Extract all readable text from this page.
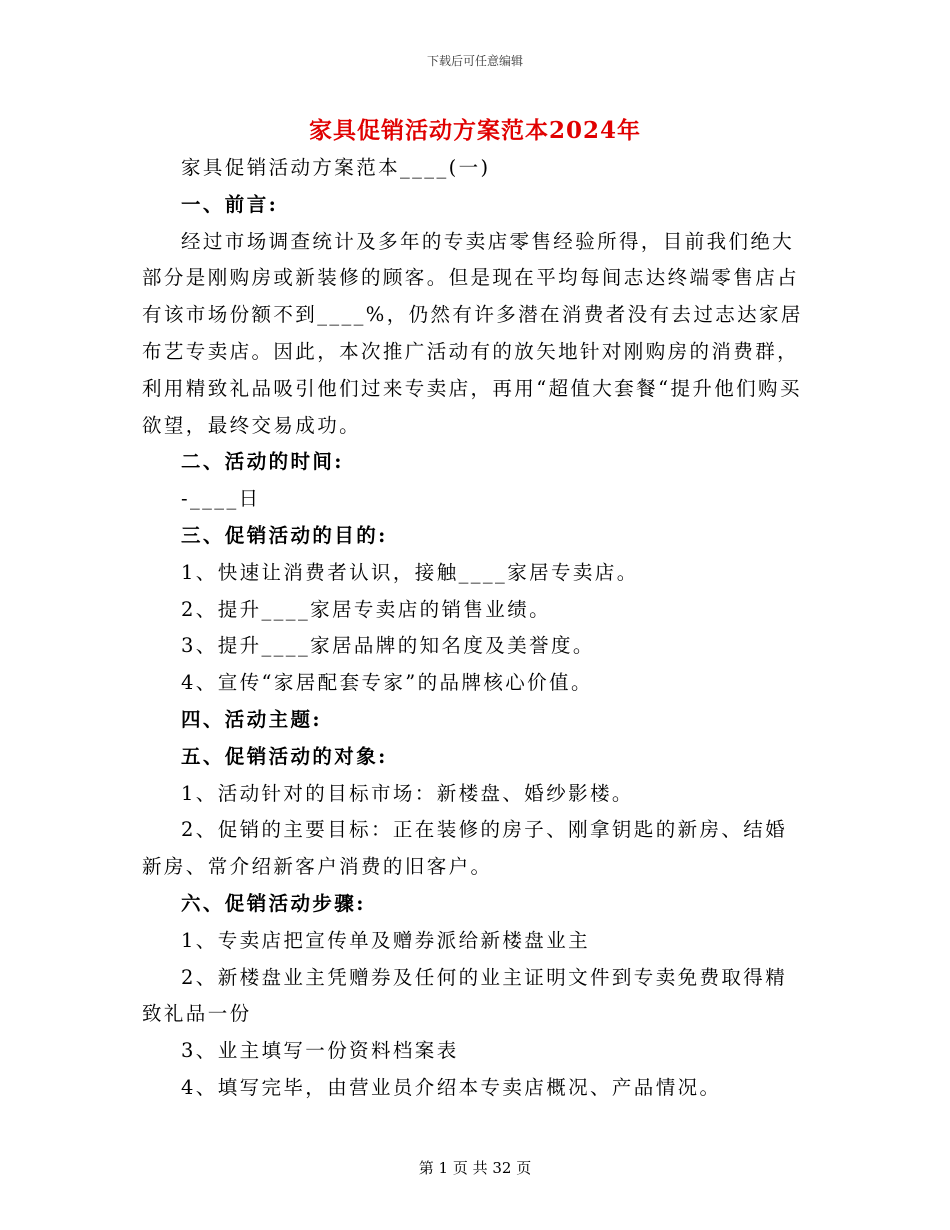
下载后可任意编辑
家具促销活动方案范本2024年

家具促销活动方案范本____(一)

一、前言:

经过市场调查统计及多年的专卖店零售经验所得，目前我们绝大部分是刚购房或新装修的顾客。但是现在平均每间志达终端零售店占有该市场份额不到____%，仍然有许多潜在消费者没有去过志达家居布艺专卖店。因此，本次推广活动有的放矢地针对刚购房的消费群，利用精致礼品吸引他们过来专卖店，再用“超值大套餐“提升他们购买欲望，最终交易成功。

二、活动的时间:

-____日

三、促销活动的目的:

1、快速让消费者认识，接触____家居专卖店。

2、提升____家居专卖店的销售业绩。

3、提升____家居品牌的知名度及美誉度。

4、宣传“家居配套专家”的品牌核心价值。

四、活动主题:

五、促销活动的对象:

1、活动针对的目标市场：新楼盘、婚纱影楼。

2、促销的主要目标：正在装修的房子、刚拿钥匙的新房、结婚新房、常介绍新客户消费的旧客户。

六、促销活动步骤:

1、专卖店把宣传单及赠券派给新楼盘业主

2、新楼盘业主凭赠券及任何的业主证明文件到专卖免费取得精致礼品一份

3、业主填写一份资料档案表

4、填写完毕，由营业员介绍本专卖店概况、产品情况。

第 1 页 共 32 页
